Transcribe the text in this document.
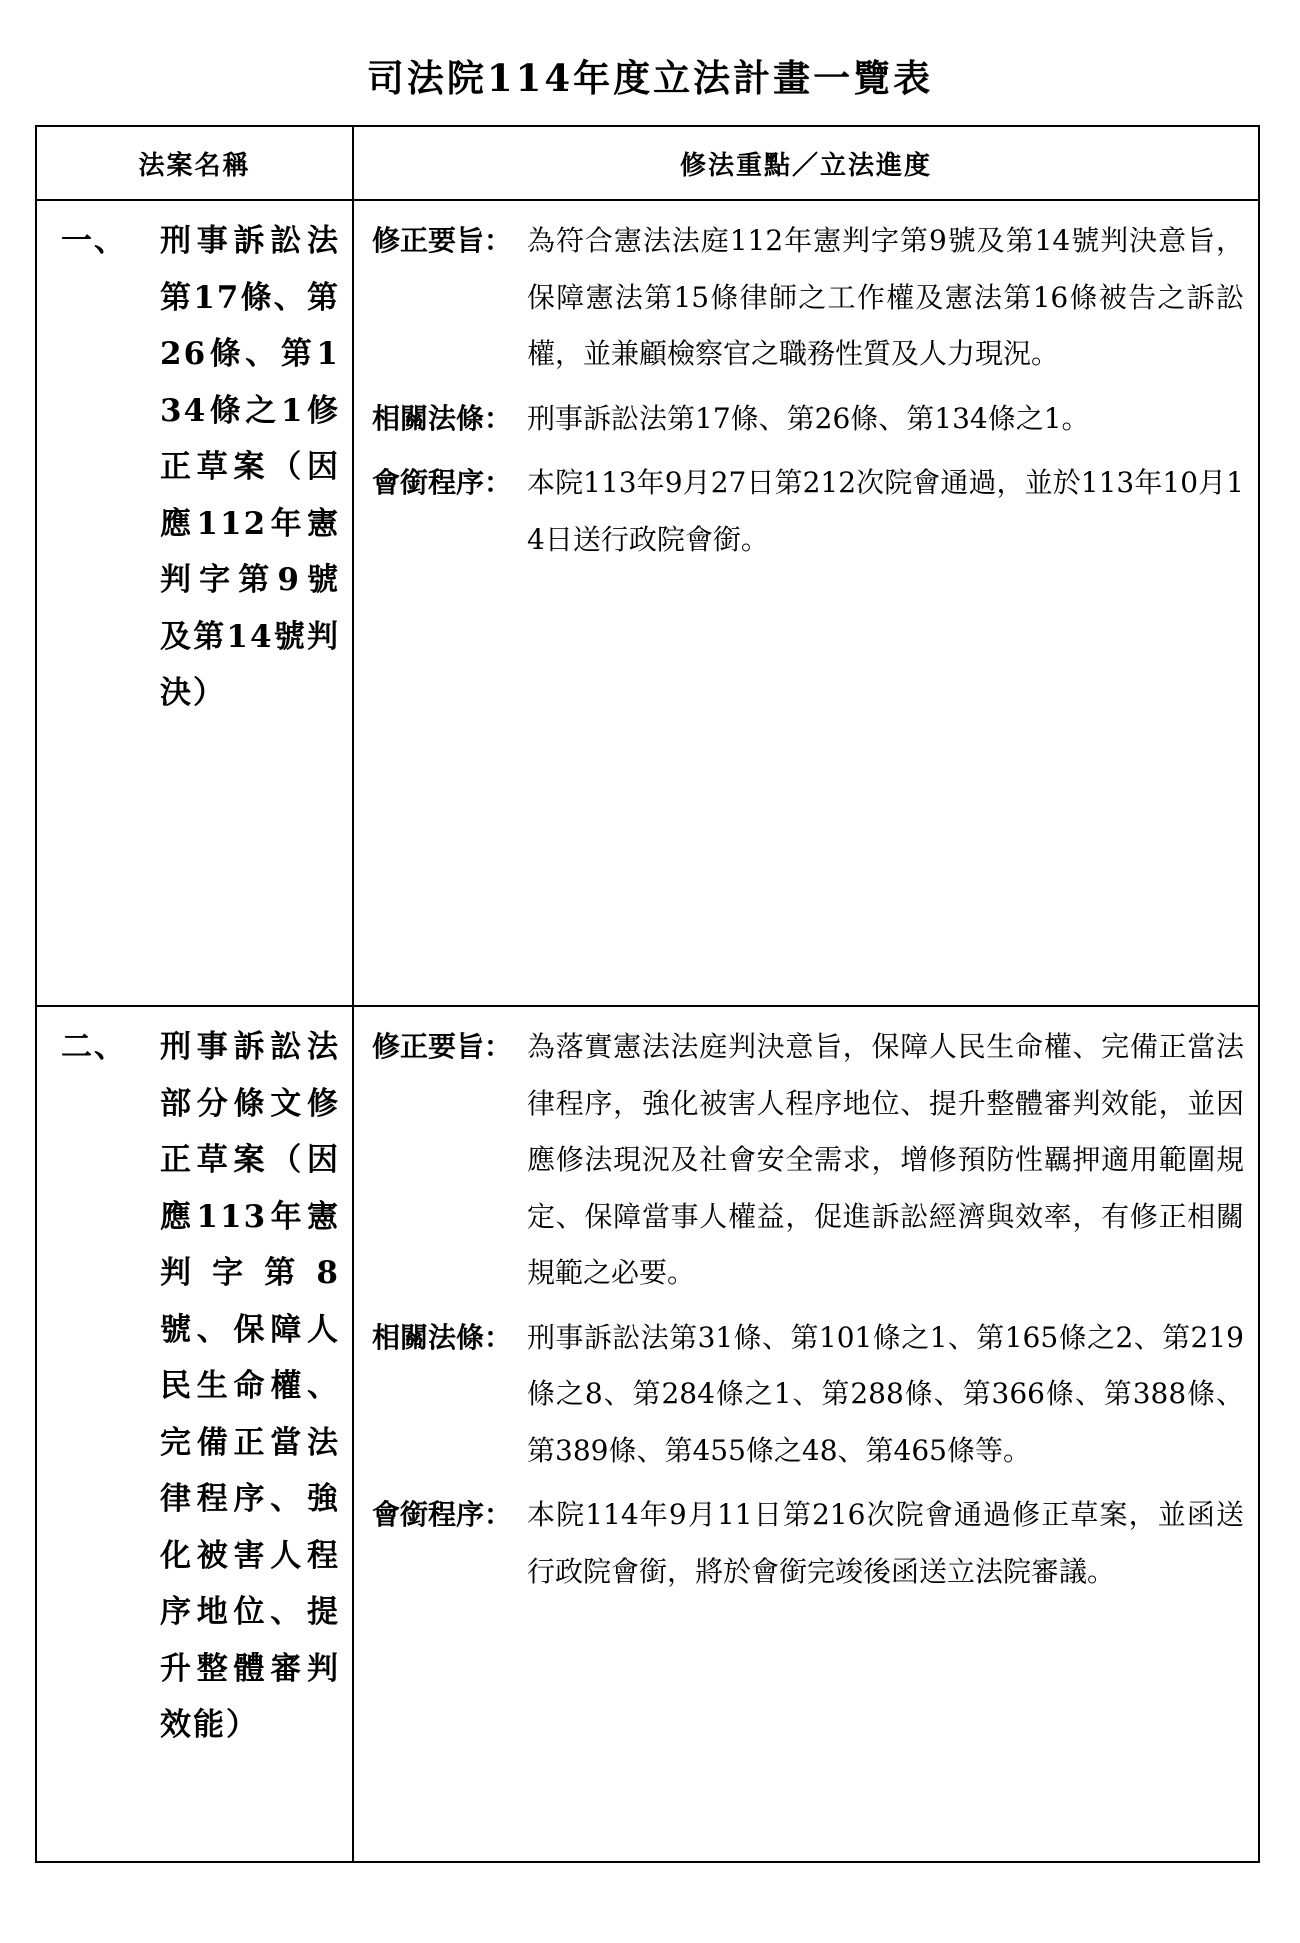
司法院114年度立法計畫一覽表
法案名稱	修法重點／立法進度
一、 刑事訴訟法第17條、第26條、第134條之1修正草案（因應112年憲判字第9號及第14號判決）
修正要旨： 為符合憲法法庭112年憲判字第9號及第14號判決意旨，保障憲法第15條律師之工作權及憲法第16條被告之訴訟權，並兼顧檢察官之職務性質及人力現況。
相關法條： 刑事訴訟法第17條、第26條、第134條之1。
會銜程序： 本院113年9月27日第212次院會通過，並於113年10月14日送行政院會銜。
二、 刑事訴訟法部分條文修正草案（因應113年憲判字第8號、保障人民生命權、完備正當法律程序、強化被害人程序地位、提升整體審判效能）
修正要旨： 為落實憲法法庭判決意旨，保障人民生命權、完備正當法律程序，強化被害人程序地位、提升整體審判效能，並因應修法現況及社會安全需求，增修預防性羈押適用範圍規定、保障當事人權益，促進訴訟經濟與效率，有修正相關規範之必要。
相關法條： 刑事訴訟法第31條、第101條之1、第165條之2、第219條之8、第284條之1、第288條、第366條、第388條、第389條、第455條之48、第465條等。
會銜程序： 本院114年9月11日第216次院會通過修正草案，並函送行政院會銜，將於會銜完竣後函送立法院審議。
